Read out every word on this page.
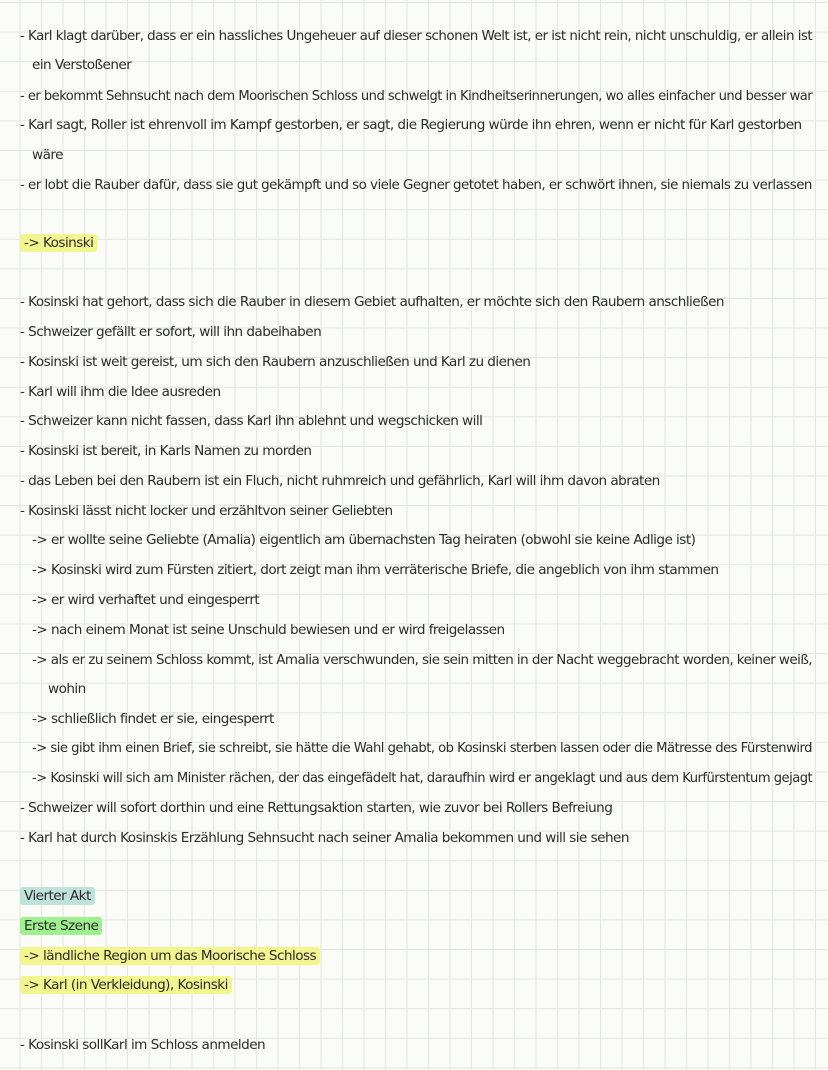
- Karl klagt darüber, dass er ein hassliches Ungeheuer auf dieser schonen Welt ist, er ist nicht rein, nicht unschuldig, er allein ist
ein Verstoßener
- er bekommt Sehnsucht nach dem Moorischen Schloss und schwelgt in Kindheitserinnerungen, wo alles einfacher und besser war
- Karl sagt, Roller ist ehrenvoll im Kampf gestorben, er sagt, die Regierung würde ihn ehren, wenn er nicht für Karl gestorben
wäre
- er lobt die Rauber dafür, dass sie gut gekämpft und so viele Gegner getotet haben, er schwört ihnen, sie niemals zu verlassen
-> Kosinski
- Kosinski hat gehort, dass sich die Rauber in diesem Gebiet aufhalten, er möchte sich den Raubern anschließen
- Schweizer gefällt er sofort, will ihn dabeihaben
- Kosinski ist weit gereist, um sich den Raubern anzuschließen und Karl zu dienen
- Karl will ihm die Idee ausreden
- Schweizer kann nicht fassen, dass Karl ihn ablehnt und wegschicken will
- Kosinski ist bereit, in Karls Namen zu morden
- das Leben bei den Raubern ist ein Fluch, nicht ruhmreich und gefährlich, Karl will ihm davon abraten
- Kosinski lässt nicht locker und erzähltvon seiner Geliebten
-> er wollte seine Geliebte (Amalia) eigentlich am übernachsten Tag heiraten (obwohl sie keine Adlige ist)
-> Kosinski wird zum Fürsten zitiert, dort zeigt man ihm verräterische Briefe, die angeblich von ihm stammen
-> er wird verhaftet und eingesperrt
-> nach einem Monat ist seine Unschuld bewiesen und er wird freigelassen
-> als er zu seinem Schloss kommt, ist Amalia verschwunden, sie sein mitten in der Nacht weggebracht worden, keiner weiß,
wohin
-> schließlich findet er sie, eingesperrt
-> sie gibt ihm einen Brief, sie schreibt, sie hätte die Wahl gehabt, ob Kosinski sterben lassen oder die Mätresse des Fürstenwird
-> Kosinski will sich am Minister rächen, der das eingefädelt hat, daraufhin wird er angeklagt und aus dem Kurfürstentum gejagt
- Schweizer will sofort dorthin und eine Rettungsaktion starten, wie zuvor bei Rollers Befreiung
- Karl hat durch Kosinskis Erzählung Sehnsucht nach seiner Amalia bekommen und will sie sehen
Vierter Akt
Erste Szene
-> ländliche Region um das Moorische Schloss
-> Karl (in Verkleidung), Kosinski
- Kosinski sollKarl im Schloss anmelden
